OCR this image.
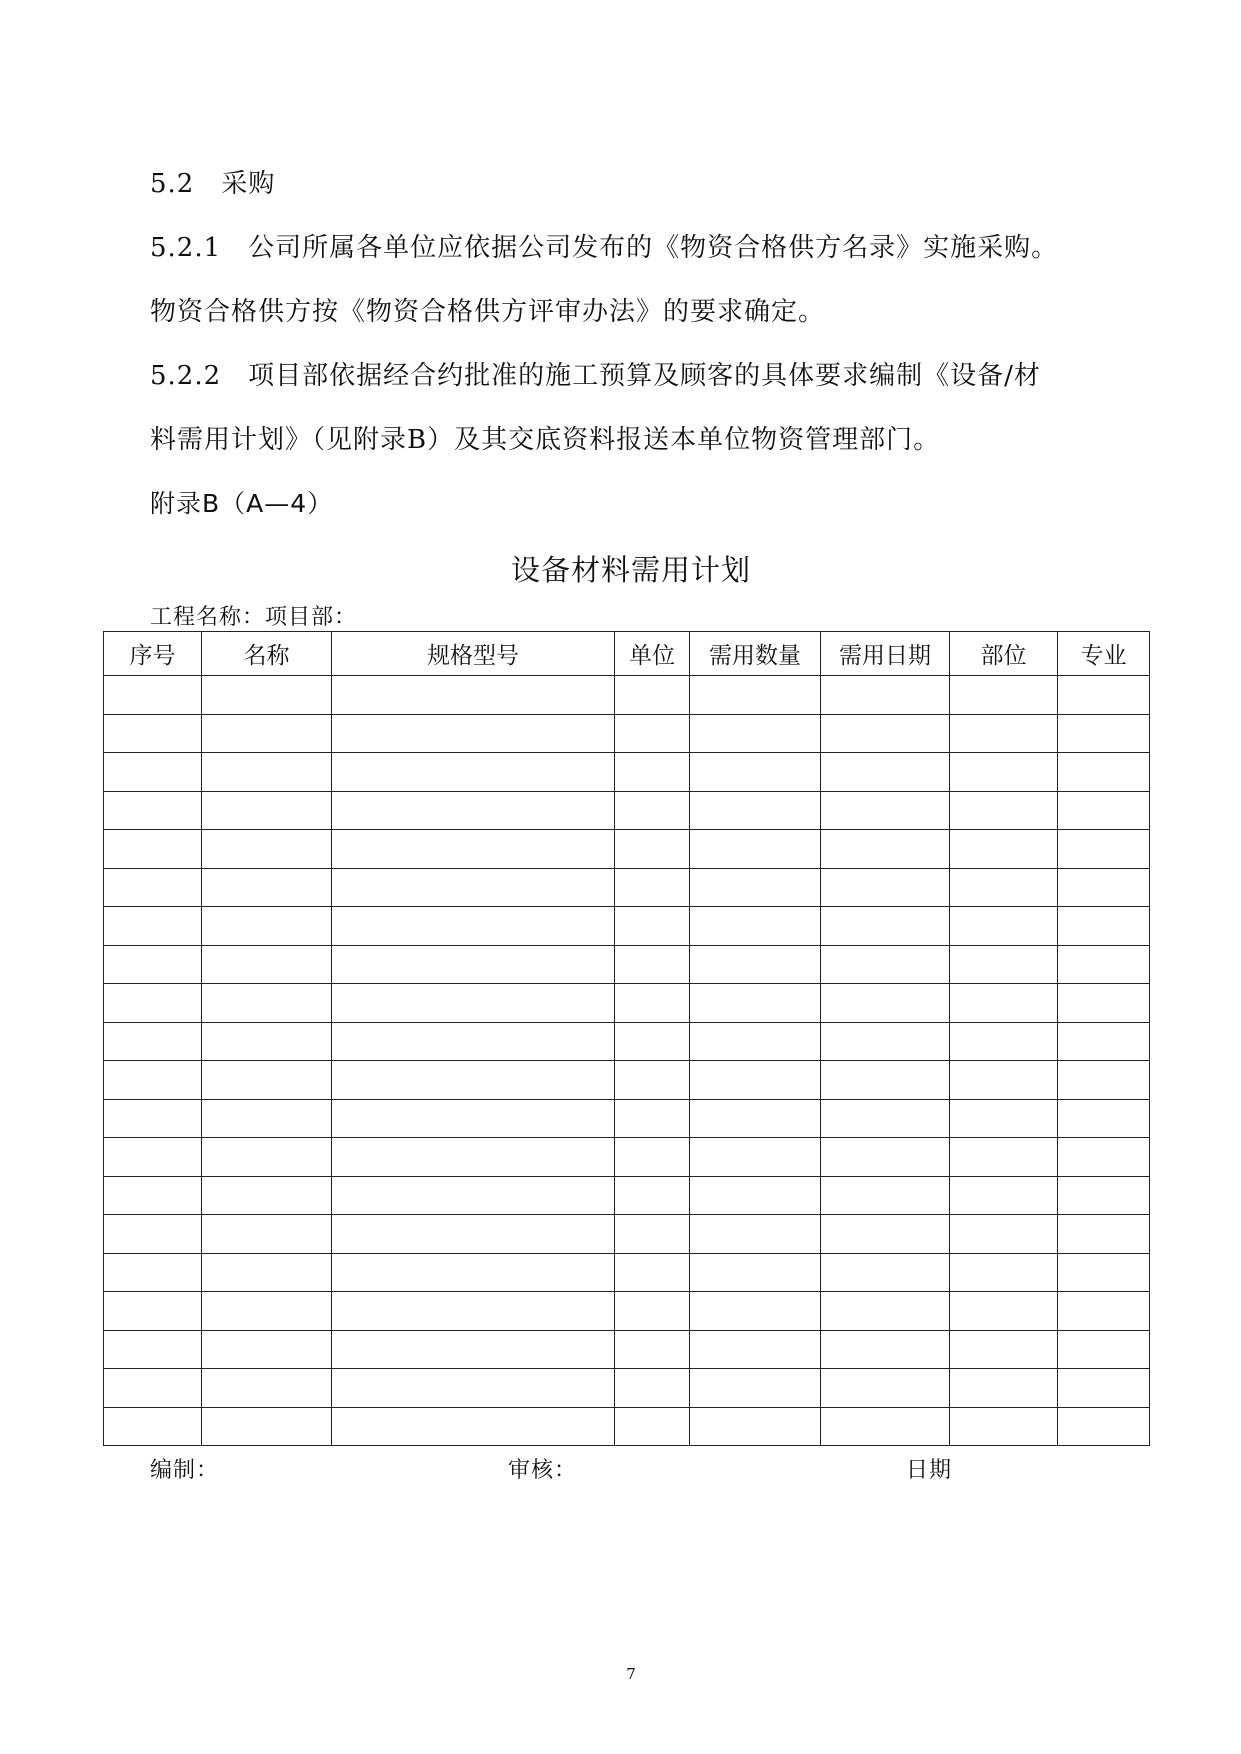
5.2　采购
5.2.1　公司所属各单位应依据公司发布的《物资合格供方名录》实施采购。
物资合格供方按《物资合格供方评审办法》的要求确定。
5.2.2　项目部依据经合约批准的施工预算及顾客的具体要求编制《设备/材
料需用计划》（见附录B）及其交底资料报送本单位物资管理部门。
附录B（A—4）
设备材料需用计划
工程名称：项目部：
序号	名称	规格型号	单位	需用数量	需用日期	部位	专业

编制：	审核：	日期
7
